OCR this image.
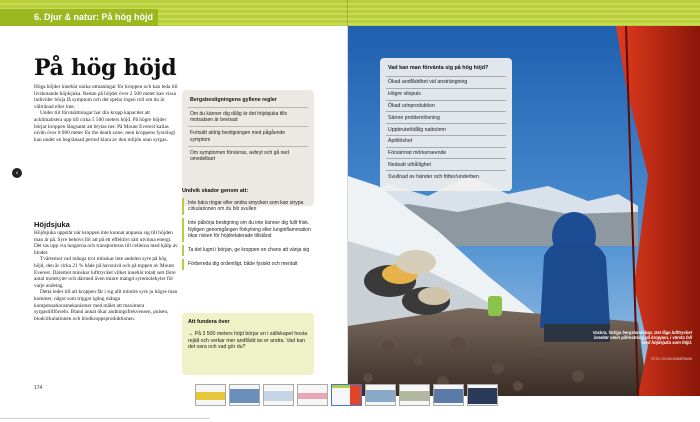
6. Djur & natur: På hög höjd
På hög höjd

Höga höjder innebär unika utmaningar för kroppen och kan leda till livshotande höjdsjuka. Redan på höjder över 2 500 meter kan vissa individer börja få symptom och det spelar ingen roll om du är vältränad eller inte.

Under tiit förutsättningar har din kropp kapacitet att acklimatisera upp till cirka 5 500 meters höjd. På högre höjder börjar kroppen långsamt att brytas ner. På Mount Everest kallas nivån över 8 000 meter för the death zone, men kroppens fysiologi kan under en begränsad period klara av den miljön utan syrgas.

Höjdsjuka

Höjdsjuka uppstår när kroppen inte kunnat anpassa sig till höjden man är på. Syre behövs för att på ett effektivt sätt utvinna energi. Det tas upp via lungorna och transporteras till cellerna med hjälp av blodet.

Tvärtemot vad många tror minskar inte andelen syre på hög höjd, den är cirka 21 % både på havsnivå och på toppen av Mount Everest. Däremot minskar lufttrycket vilket innebär totalt sett färre antal molekyler och därmed även minre mängd syremolekyler för varje andetag.

Detta leder till att kroppen får i sig allt mindre syre ju högre man kommer, något som triggar igång många kompensationsmekanismer med målet att maximera syrgastillförseln. Bland annat ökar andningsfrekvensen, pulsen, blodcirkulationen och blodkroppsproduktionen.

174
Bergsbestigningens gyllene regler
Om du känner dig dålig är det höjdsjuka tills motsatsen är bevisad
Fortsätt aldrig bestigningen med pågående symptom
Om symptomen förvärras, avbryt och gå ned omedelbart
Undvik skador genom att:
Inte bära ringar eller andra smycken som kan strypa cirkulationen om du blir svullen
Inte påbörja bestigning om du inte känner dig fullt frisk. Nyligen genomgången förkylning eller lunginflammation ökar risken för höjdrelaterade tillstånd
Ta det lugnt i början, ge kroppen en chans att vänja sig
Förbereda dig ordentligt, både fysiskt och mentalt
Att fundera över
→ På 3 500 meters höjd börjar en i sällskapet hosta rejält och verkar mer andfådd än er andra. Vad kan det vara och vad gör du?
‹
Vad kan man förvänta sig på hög höjd?
Ökad andfåddhet vid ansträngning
Högre vilopuls
Ökad urinproduktion
Sämre problemlösning
Uppbrutet/dålig nattsömn
Aptitlöshet
Försämrat mörkerseende
Nedsatt uthållighet
Svullnad av händer och fötter/underben
Vackra, farliga bergslandskap. Det låga lufttrycket innebär omin påfrestning på kroppen, i värsta fall med höjdsjuka som följd.
FOTO: OLIVIA ZIMMERMAN
